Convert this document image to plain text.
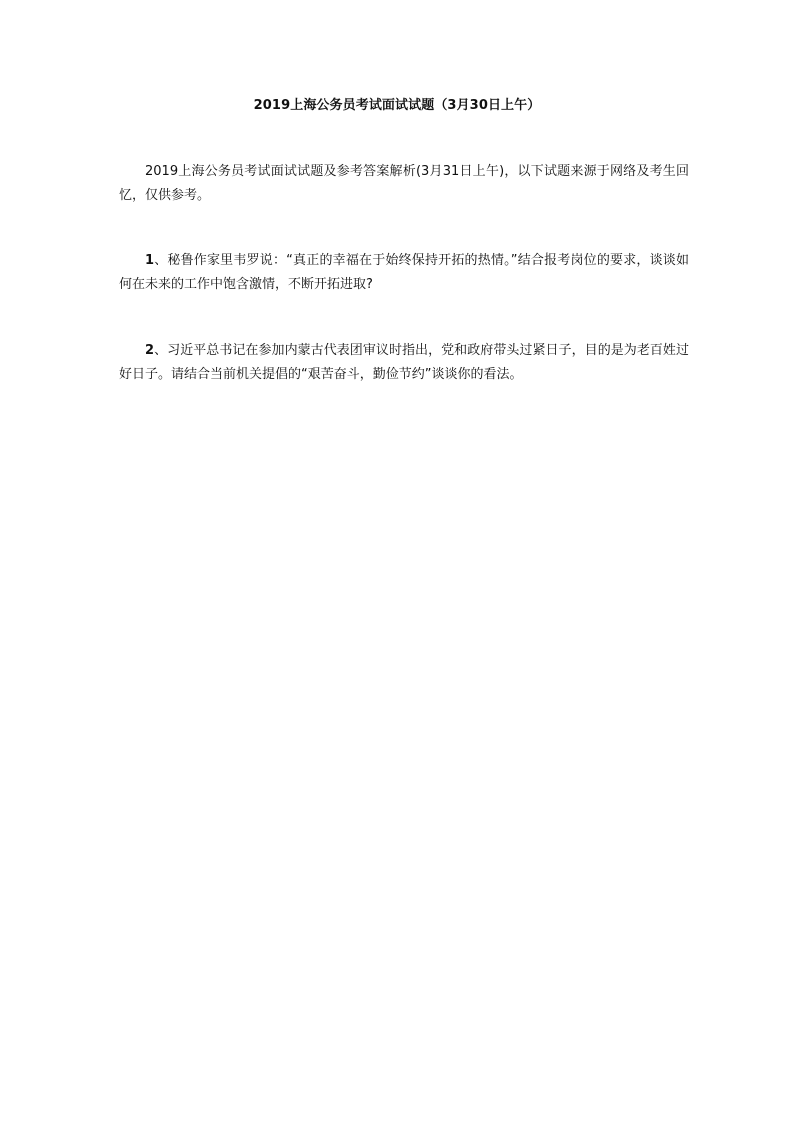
2019上海公务员考试面试试题（3月30日上午）
2019上海公务员考试面试试题及参考答案解析(3月31日上午)，以下试题来源于网络及考生回忆，仅供参考。
1、秘鲁作家里韦罗说：“真正的幸福在于始终保持开拓的热情。”结合报考岗位的要求，谈谈如何在未来的工作中饱含激情，不断开拓进取?
2、习近平总书记在参加内蒙古代表团审议时指出，党和政府带头过紧日子，目的是为老百姓过好日子。请结合当前机关提倡的“艰苦奋斗，勤俭节约”谈谈你的看法。
